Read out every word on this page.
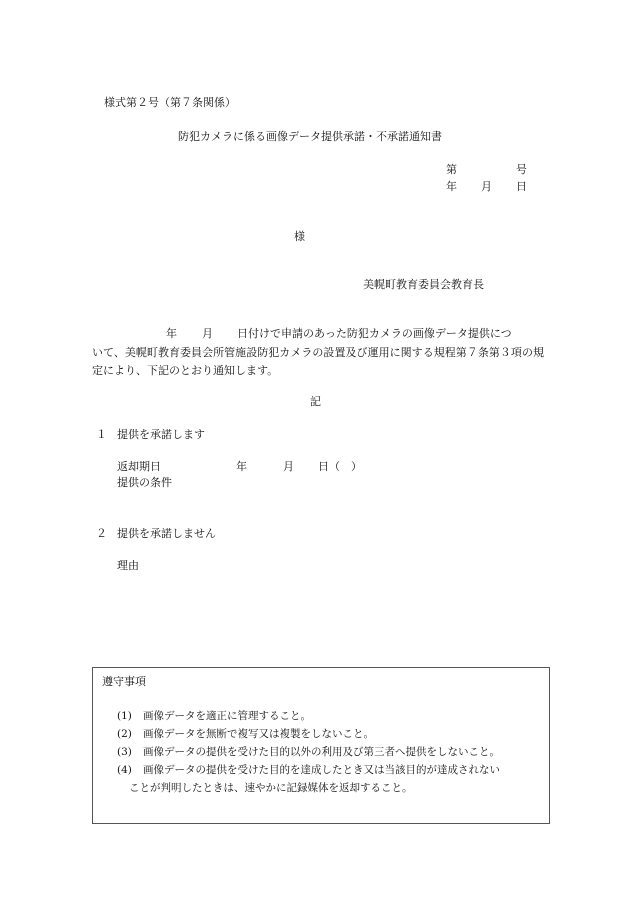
様式第２号（第７条関係）
防犯カメラに係る画像データ提供承諾・不承諾通知書
第	号
年 月 日
様
美幌町教育委員会教育長
年 月 日付けで申請のあった防犯カメラの画像データ提供につ
いて、美幌町教育委員会所管施設防犯カメラの設置及び運用に関する規程第７条第３項の規定により、下記のとおり通知します。
記
１ 提供を承諾します
返却期日	年	月 日（　）
提供の条件
２ 提供を承諾しません
理由
遵守事項
(1) 画像データを適正に管理すること。
(2) 画像データを無断で複写又は複製をしないこと。
(3) 画像データの提供を受けた目的以外の利用及び第三者へ提供をしないこと。
(4) 画像データの提供を受けた目的を達成したとき又は当該目的が達成されない
ことが判明したときは、速やかに記録媒体を返却すること。
